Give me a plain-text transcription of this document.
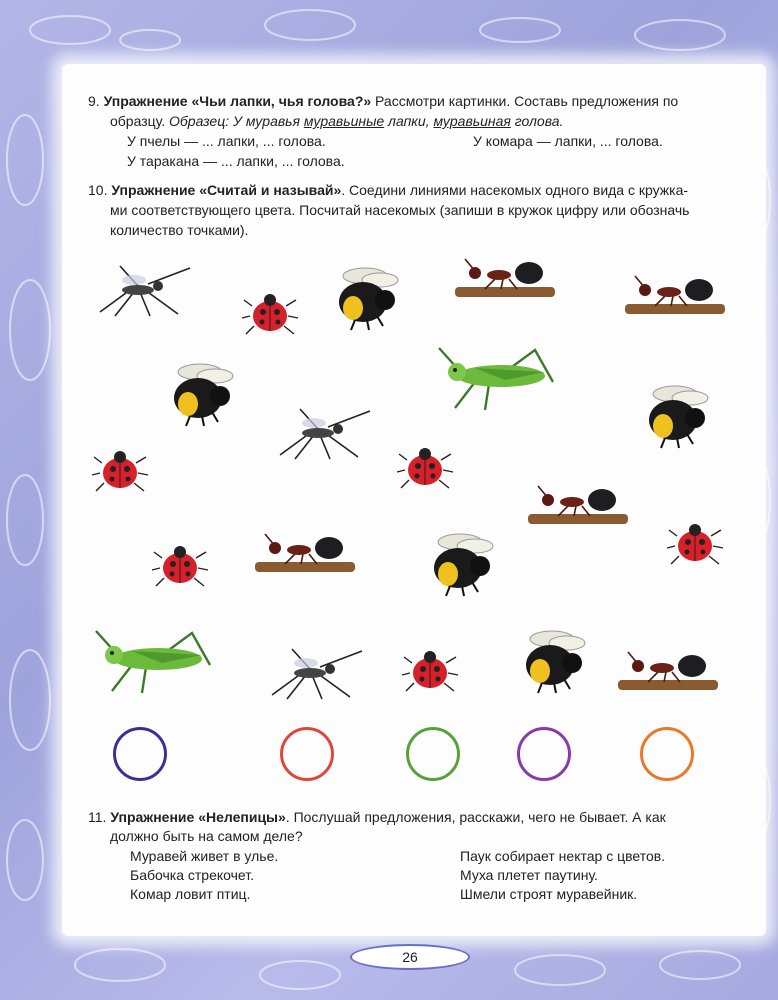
9. Упражнение «Чьи лапки, чья голова?» Рассмотри картинки. Составь предложения по
образцу. Образец: У муравья муравьиные лапки, муравьиная голова.
У пчелы — ... лапки, ... голова.	У комара — лапки, ... голова.
У таракана — ... лапки, ... голова.
10. Упражнение «Считай и называй». Соедини линиями насекомых одного вида с кружка-
ми соответствующего цвета. Посчитай насекомых (запиши в кружок цифру или обозначь
количество точками).
11. Упражнение «Нелепицы». Послушай предложения, расскажи, чего не бывает. А как
должно быть на самом деле?
Муравей живет в улье.
Бабочка стрекочет.
Комар ловит птиц.
Паук собирает нектар с цветов.
Муха плетет паутину.
Шмели строят муравейник.
26
